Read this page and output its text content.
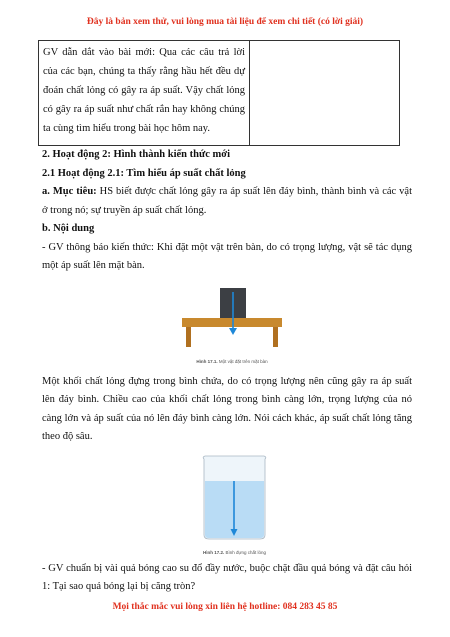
Đây là bản xem thử, vui lòng mua tài liệu để xem chi tiết (có lời giải)
GV dẫn dắt vào bài mới: Qua các câu trả lời của các bạn, chúng ta thấy rằng hầu hết đều dự đoán chất lỏng có gây ra áp suất. Vậy chất lỏng có gây ra áp suất như chất rắn hay không chúng ta cùng tìm hiểu trong bài học hôm nay.

2. Hoạt động 2: Hình thành kiến thức mới

2.1 Hoạt động 2.1: Tìm hiểu áp suất chất lỏng

a. Mục tiêu: HS biết được chất lỏng gây ra áp suất lên đáy bình, thành bình và các vật ở trong nó; sự truyền áp suất chất lỏng.

b. Nội dung

- GV thông báo kiến thức: Khi đặt một vật trên bàn, do có trọng lượng, vật sẽ tác dụng một áp suất lên mặt bàn.

Hình 17.1. Một vật đặt trên mặt bàn

Một khối chất lỏng đựng trong bình chứa, do có trọng lượng nên cũng gây ra áp suất lên đáy bình. Chiều cao của khối chất lỏng trong bình càng lớn, trọng lượng của nó càng lớn và áp suất của nó lên đáy bình càng lớn. Nói cách khác, áp suất chất lỏng tăng theo độ sâu.

Hình 17.2. Bình đựng chất lỏng

- GV chuẩn bị vài quả bóng cao su đổ đầy nước, buộc chặt đầu quả bóng và đặt câu hỏi 1: Tại sao quả bóng lại bị căng tròn?

Mọi thắc mắc vui lòng xin liên hệ hotline: 084 283 45 85
